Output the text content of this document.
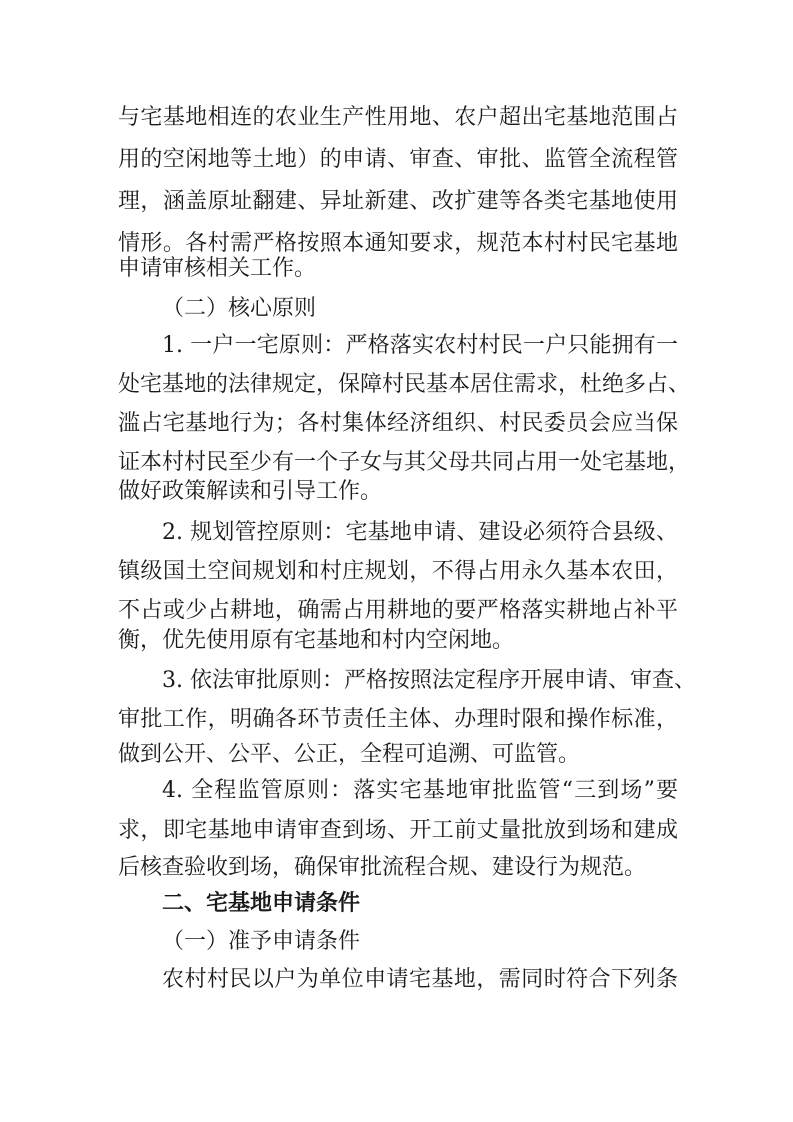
与宅基地相连的农业生产性用地、农户超出宅基地范围占
用的空闲地等土地）的申请、审查、审批、监管全流程管
理，涵盖原址翻建、异址新建、改扩建等各类宅基地使用
情形。各村需严格按照本通知要求，规范本村村民宅基地
申请审核相关工作。
（二）核心原则
1. 一户一宅原则：严格落实农村村民一户只能拥有一
处宅基地的法律规定，保障村民基本居住需求，杜绝多占、
滥占宅基地行为；各村集体经济组织、村民委员会应当保
证本村村民至少有一个子女与其父母共同占用一处宅基地，
做好政策解读和引导工作。
2. 规划管控原则：宅基地申请、建设必须符合县级、
镇级国土空间规划和村庄规划，不得占用永久基本农田，
不占或少占耕地，确需占用耕地的要严格落实耕地占补平
衡，优先使用原有宅基地和村内空闲地。
3. 依法审批原则：严格按照法定程序开展申请、审查、
审批工作，明确各环节责任主体、办理时限和操作标准，
做到公开、公平、公正，全程可追溯、可监管。
4. 全程监管原则：落实宅基地审批监管“三到场”要
求，即宅基地申请审查到场、开工前丈量批放到场和建成
后核查验收到场，确保审批流程合规、建设行为规范。
二、宅基地申请条件
（一）准予申请条件
农村村民以户为单位申请宅基地，需同时符合下列条
